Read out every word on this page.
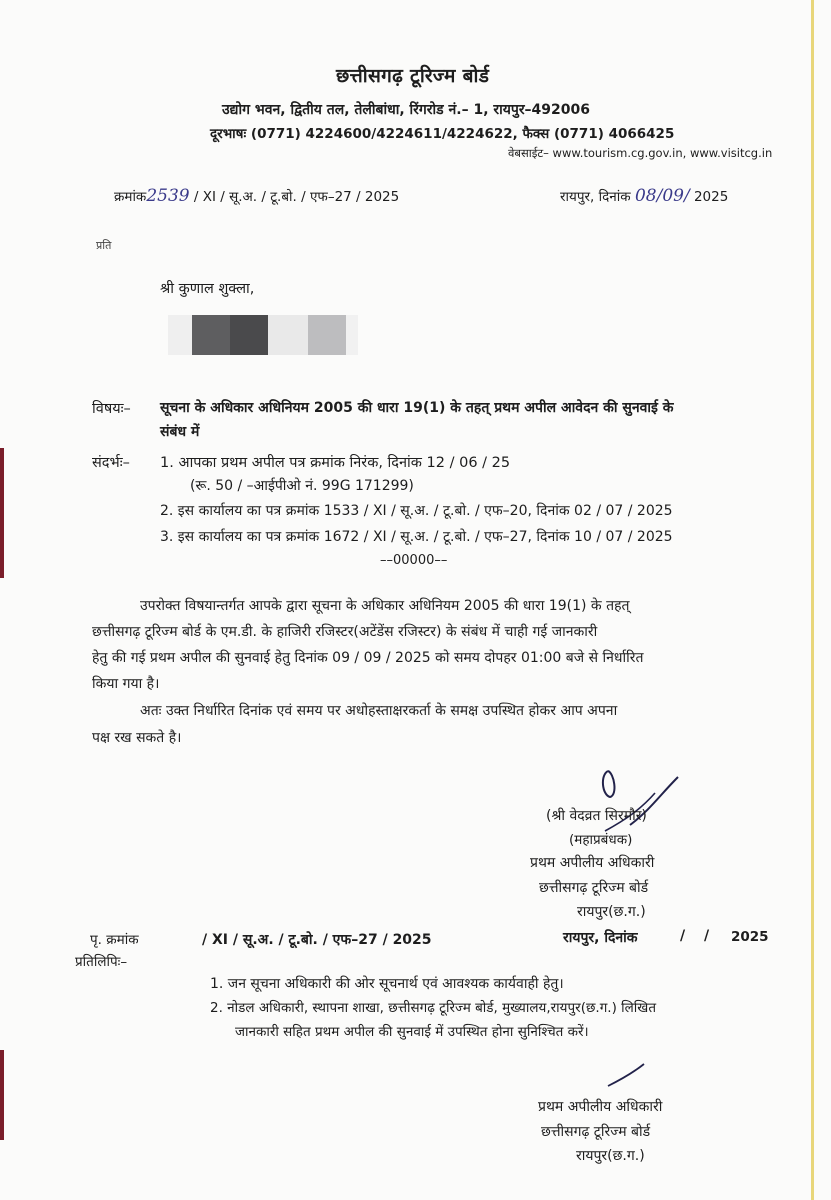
छत्तीसगढ़ टूरिज्म बोर्ड
उद्योग भवन, द्वितीय तल, तेलीबांधा, रिंगरोड नं.– 1, रायपुर–492006
दूरभाषः (0771) 4224600/4224611/4224622, फैक्स (0771) 4066425
वेबसाईट– www.tourism.cg.gov.in, www.visitcg.in
क्रमांक2539 / XI / सू.अ. / टू.बो. / एफ–27 / 2025	रायपुर, दिनांक 08/09/ 2025
प्रति
श्री कुणाल शुक्ला,
विषयः– सूचना के अधिकार अधिनियम 2005 की धारा 19(1) के तहत् प्रथम अपील आवेदन की सुनवाई के
संबंध में
संदर्भः– 1. आपका प्रथम अपील पत्र क्रमांक निरंक, दिनांक 12 / 06 / 25
(रू. 50 / –आईपीओ नं. 99G 171299)
2. इस कार्यालय का पत्र क्रमांक 1533 / XI / सू.अ. / टू.बो. / एफ–20, दिनांक 02 / 07 / 2025
3. इस कार्यालय का पत्र क्रमांक 1672 / XI / सू.अ. / टू.बो. / एफ–27, दिनांक 10 / 07 / 2025
––00000––
उपरोक्त विषयान्तर्गत आपके द्वारा सूचना के अधिकार अधिनियम 2005 की धारा 19(1) के तहत्
छत्तीसगढ़ टूरिज्म बोर्ड के एम.डी. के हाजिरी रजिस्टर(अटेंडेंस रजिस्टर) के संबंध में चाही गई जानकारी
हेतु की गई प्रथम अपील की सुनवाई हेतु दिनांक 09 / 09 / 2025 को समय दोपहर 01:00 बजे से निर्धारित
किया गया है।
अतः उक्त निर्धारित दिनांक एवं समय पर अधोहस्ताक्षरकर्ता के समक्ष उपस्थित होकर आप अपना
पक्ष रख सकते है।
(श्री वेदव्रत सिरमौर)
(महाप्रबंधक)
प्रथम अपीलीय अधिकारी
छत्तीसगढ़ टूरिज्म बोर्ड
रायपुर(छ.ग.)
पृ. क्रमांक	/ XI / सू.अ. / टू.बो. / एफ–27 / 2025	रायपुर, दिनांक	/ / 2025
प्रतिलिपिः–
1. जन सूचना अधिकारी की ओर सूचनार्थ एवं आवश्यक कार्यवाही हेतु।
2. नोडल अधिकारी, स्थापना शाखा, छत्तीसगढ़ टूरिज्म बोर्ड, मुख्यालय,रायपुर(छ.ग.) लिखित
जानकारी सहित प्रथम अपील की सुनवाई में उपस्थित होना सुनिश्चित करें।
प्रथम अपीलीय अधिकारी
छत्तीसगढ़ टूरिज्म बोर्ड
रायपुर(छ.ग.)
